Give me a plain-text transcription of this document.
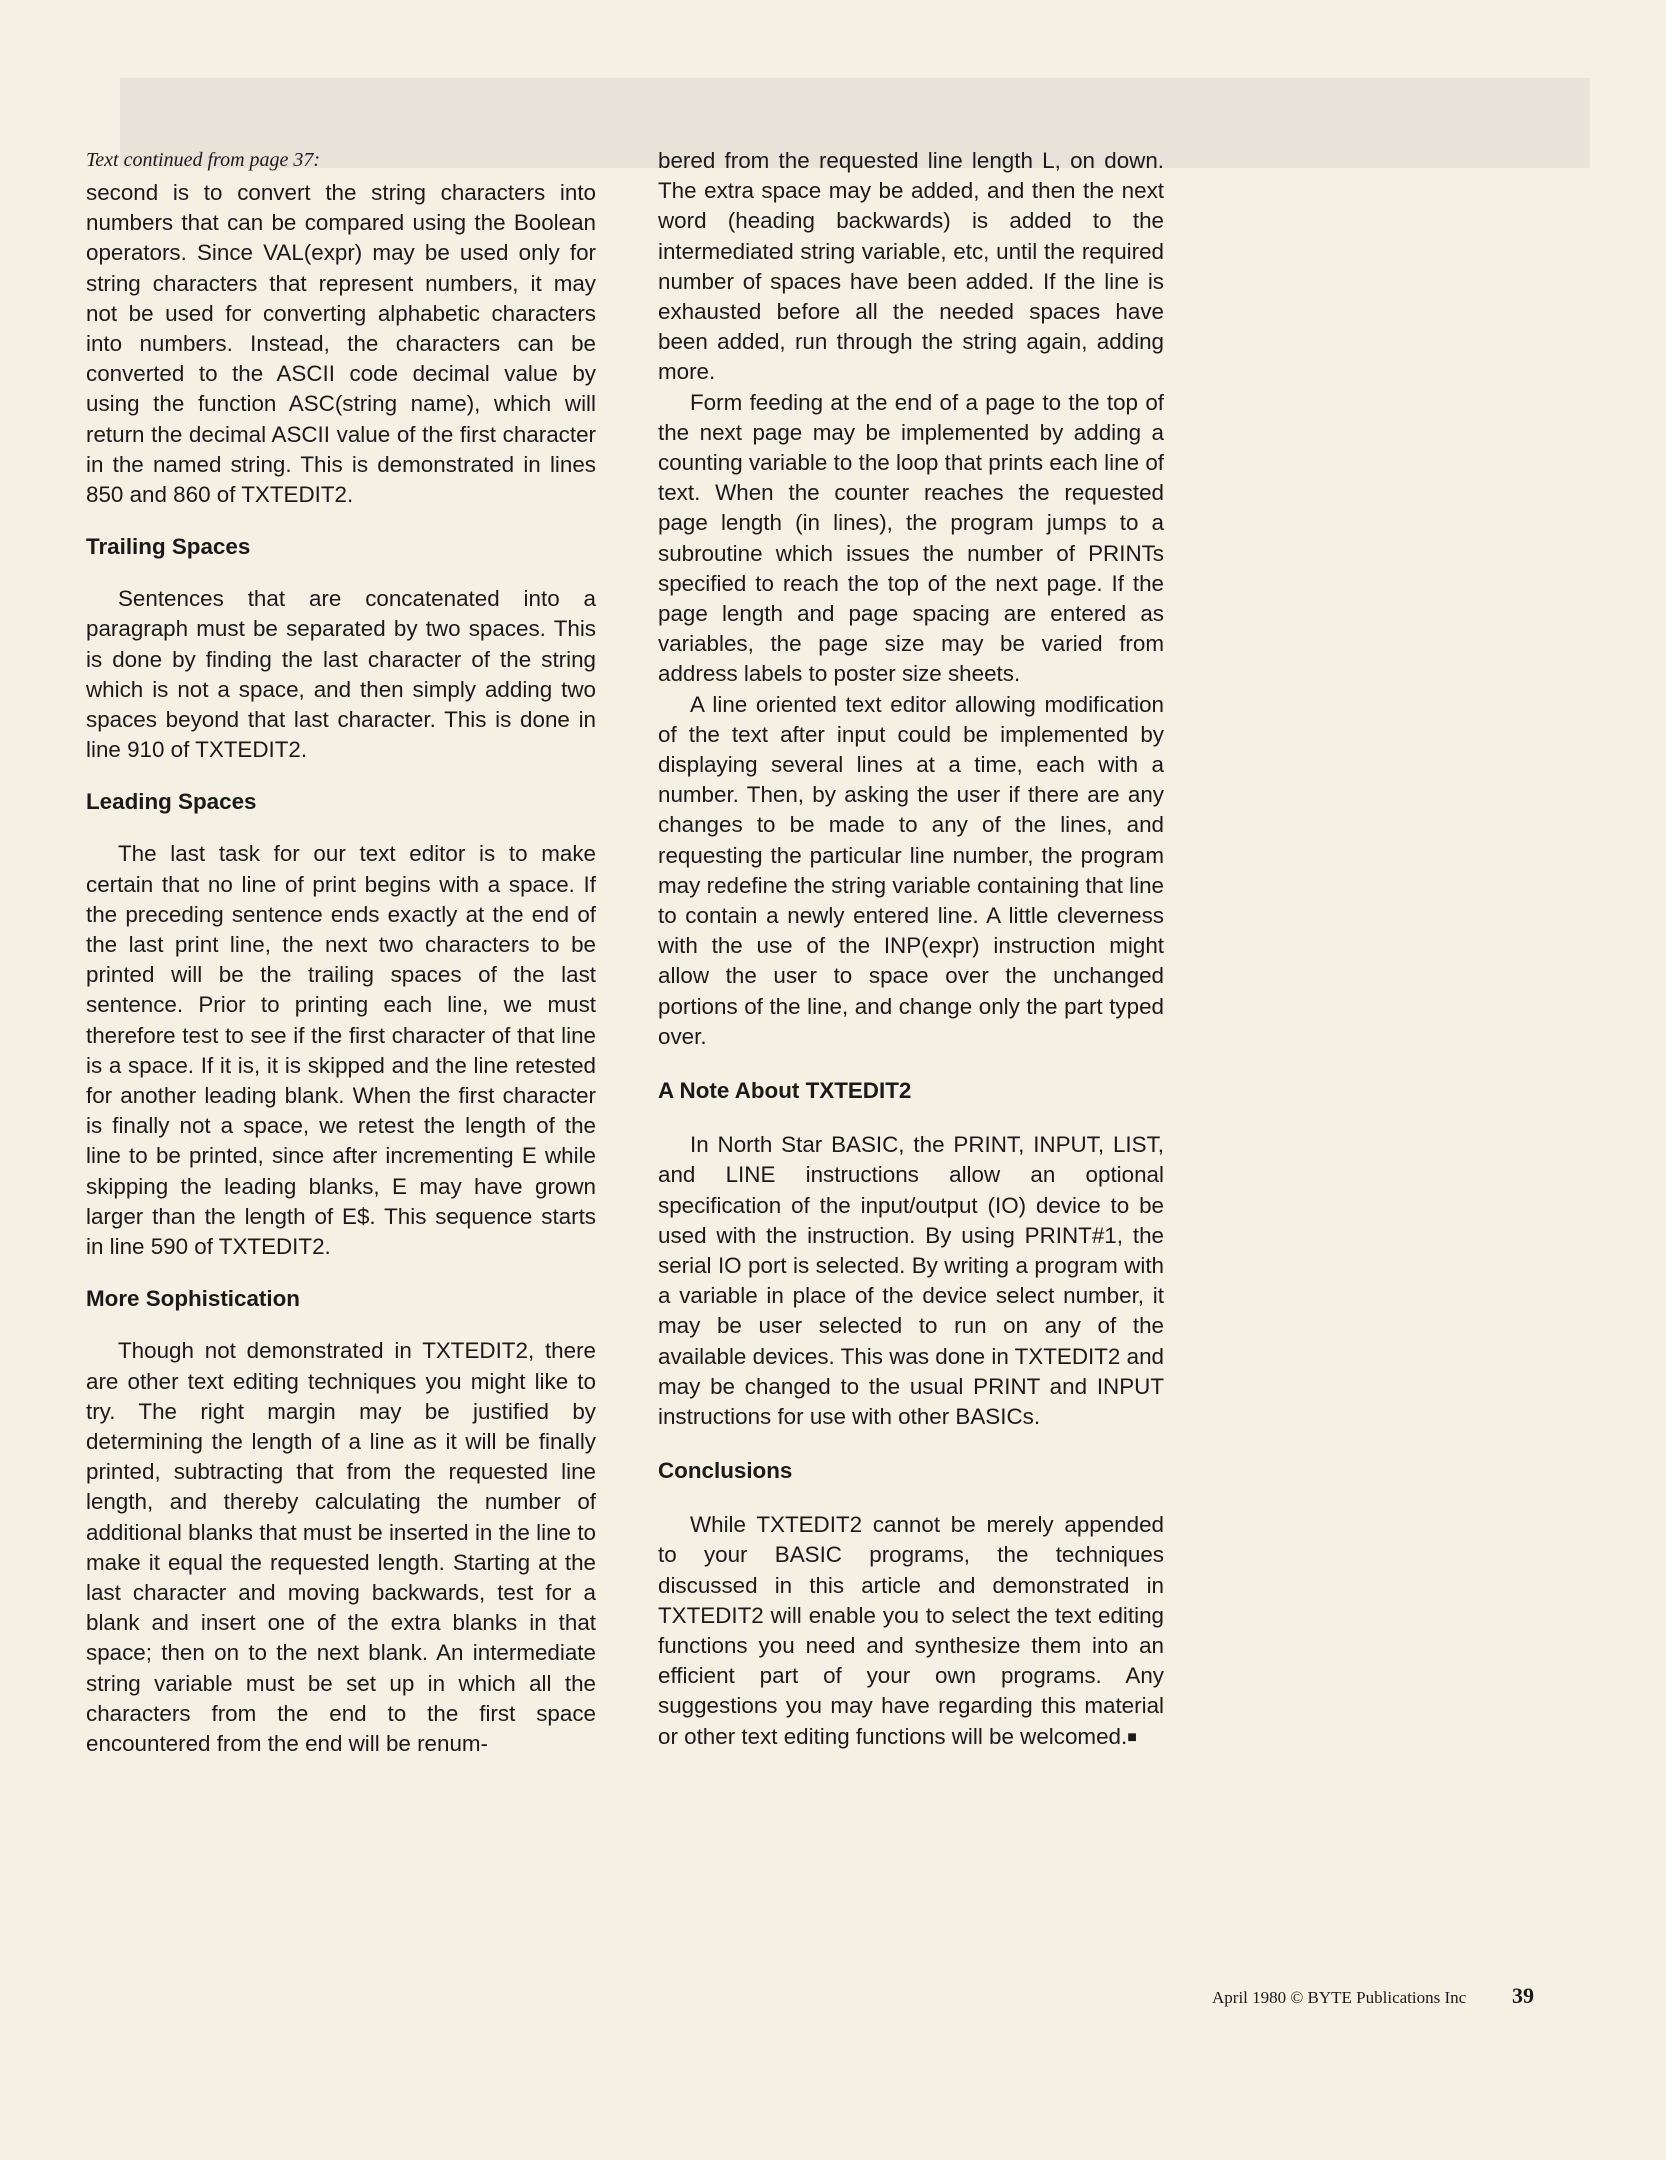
Text continued from page 37:

second is to convert the string characters into numbers that can be compared using the Boolean operators. Since VAL(expr) may be used only for string characters that represent numbers, it may not be used for converting alphabetic characters into numbers. Instead, the characters can be converted to the ASCII code decimal value by using the function ASC(string name), which will return the decimal ASCII value of the first character in the named string. This is demonstrated in lines 850 and 860 of TXTEDIT2.

Trailing Spaces

Sentences that are concatenated into a paragraph must be separated by two spaces. This is done by finding the last character of the string which is not a space, and then simply adding two spaces beyond that last character. This is done in line 910 of TXTEDIT2.

Leading Spaces

The last task for our text editor is to make certain that no line of print begins with a space. If the preceding sentence ends exactly at the end of the last print line, the next two characters to be printed will be the trailing spaces of the last sentence. Prior to printing each line, we must therefore test to see if the first character of that line is a space. If it is, it is skipped and the line retested for another leading blank. When the first character is finally not a space, we retest the length of the line to be printed, since after incrementing E while skipping the leading blanks, E may have grown larger than the length of E$. This sequence starts in line 590 of TXTEDIT2.

More Sophistication

Though not demonstrated in TXTEDIT2, there are other text editing techniques you might like to try. The right margin may be justified by determining the length of a line as it will be finally printed, subtracting that from the requested line length, and thereby calculating the number of additional blanks that must be inserted in the line to make it equal the requested length. Starting at the last character and moving backwards, test for a blank and insert one of the extra blanks in that space; then on to the next blank. An intermediate string variable must be set up in which all the characters from the end to the first space encountered from the end will be renum-

bered from the requested line length L, on down. The extra space may be added, and then the next word (heading backwards) is added to the intermediated string variable, etc, until the required number of spaces have been added. If the line is exhausted before all the needed spaces have been added, run through the string again, adding more.

Form feeding at the end of a page to the top of the next page may be implemented by adding a counting variable to the loop that prints each line of text. When the counter reaches the requested page length (in lines), the program jumps to a subroutine which issues the number of PRINTs specified to reach the top of the next page. If the page length and page spacing are entered as variables, the page size may be varied from address labels to poster size sheets.

A line oriented text editor allowing modification of the text after input could be implemented by displaying several lines at a time, each with a number. Then, by asking the user if there are any changes to be made to any of the lines, and requesting the particular line number, the program may redefine the string variable containing that line to contain a newly entered line. A little cleverness with the use of the INP(expr) instruction might allow the user to space over the unchanged portions of the line, and change only the part typed over.

A Note About TXTEDIT2

In North Star BASIC, the PRINT, INPUT, LIST, and LINE instructions allow an optional specification of the input/output (IO) device to be used with the instruction. By using PRINT#1, the serial IO port is selected. By writing a program with a variable in place of the device select number, it may be user selected to run on any of the available devices. This was done in TXTEDIT2 and may be changed to the usual PRINT and INPUT instructions for use with other BASICs.

Conclusions

While TXTEDIT2 cannot be merely appended to your BASIC programs, the techniques discussed in this article and demonstrated in TXTEDIT2 will enable you to select the text editing functions you need and synthesize them into an efficient part of your own programs. Any suggestions you may have regarding this material or other text editing functions will be welcomed.■

April 1980 © BYTE Publications Inc 39
